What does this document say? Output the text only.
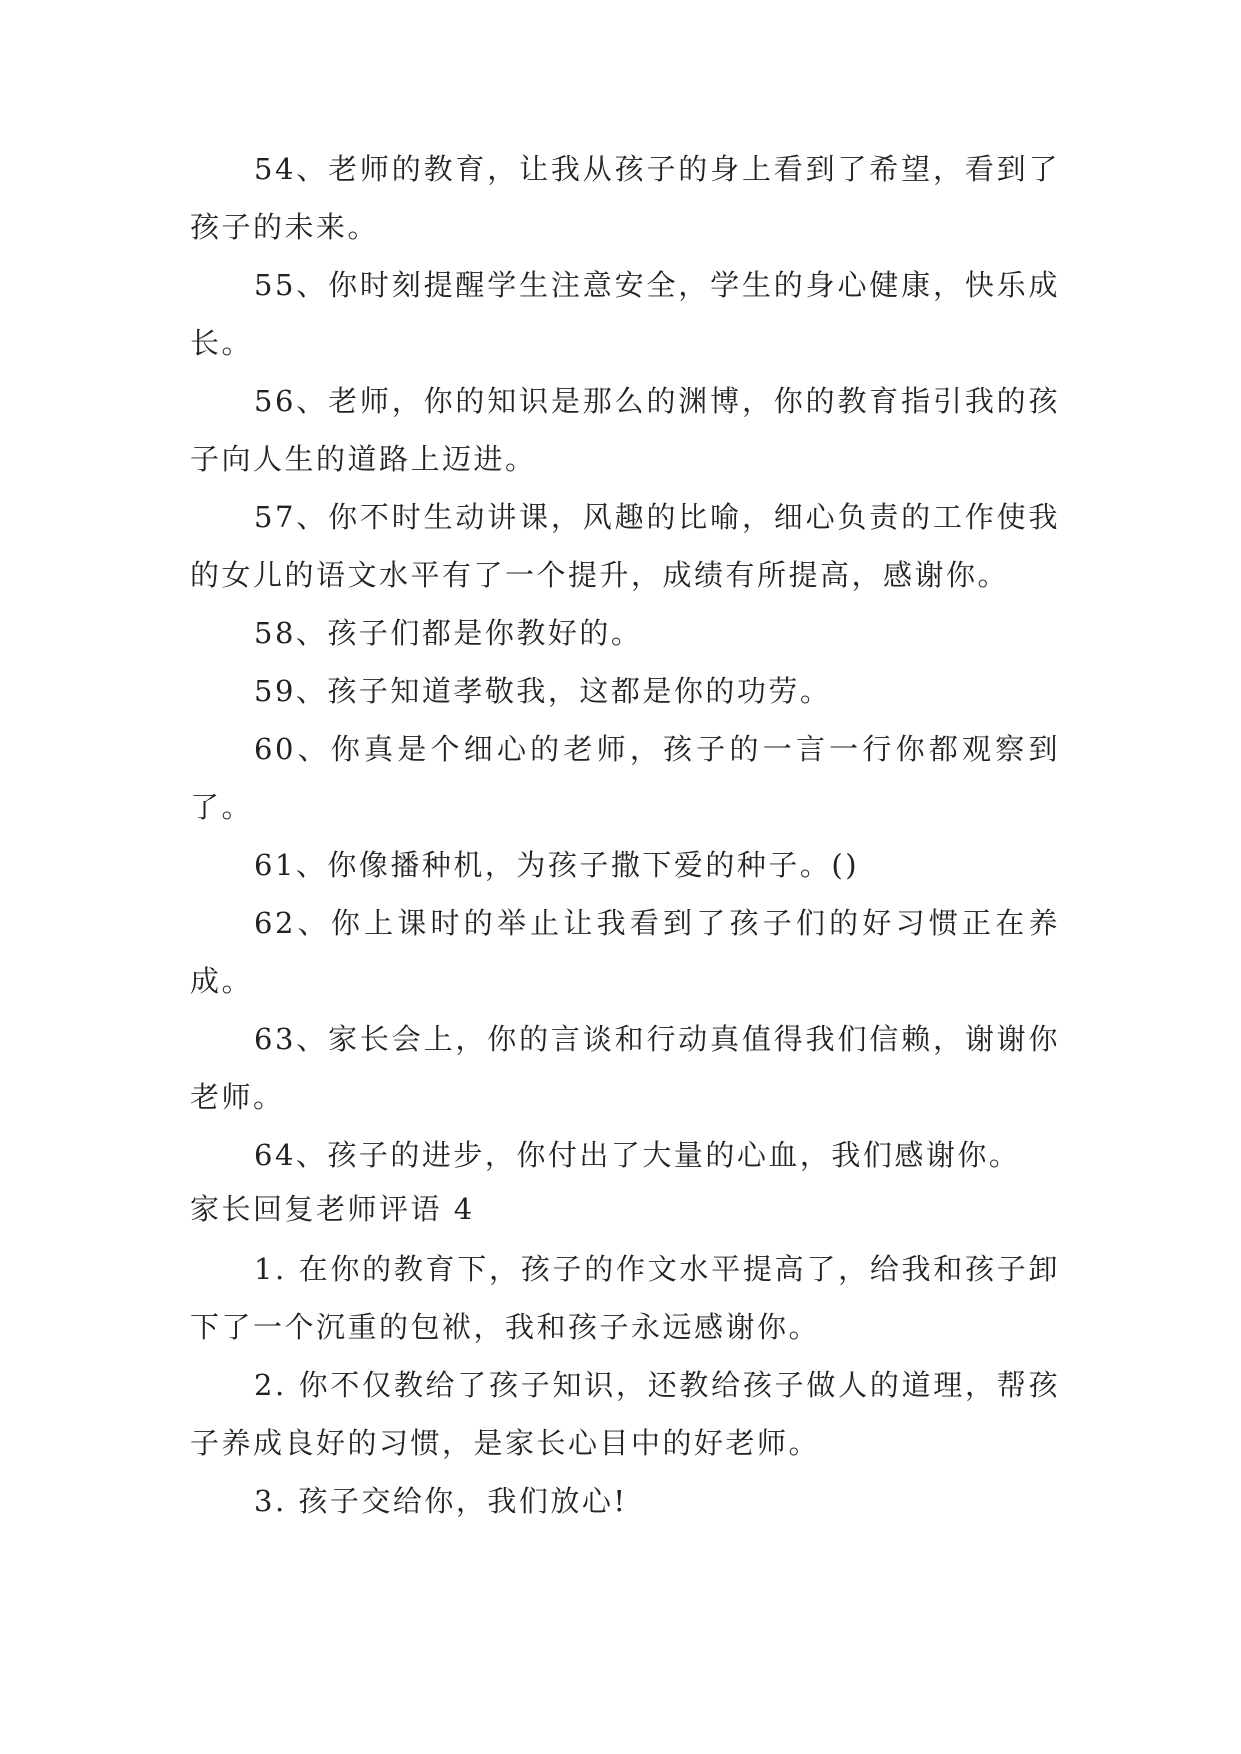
54、老师的教育，让我从孩子的身上看到了希望，看到了孩子的未来。

55、你时刻提醒学生注意安全，学生的身心健康，快乐成长。

56、老师，你的知识是那么的渊博，你的教育指引我的孩子向人生的道路上迈进。

57、你不时生动讲课，风趣的比喻，细心负责的工作使我的女儿的语文水平有了一个提升，成绩有所提高，感谢你。

58、孩子们都是你教好的。

59、孩子知道孝敬我，这都是你的功劳。

60、你真是个细心的老师，孩子的一言一行你都观察到了。

61、你像播种机，为孩子撒下爱的种子。()

62、你上课时的举止让我看到了孩子们的好习惯正在养成。

63、家长会上，你的言谈和行动真值得我们信赖，谢谢你老师。

64、孩子的进步，你付出了大量的心血，我们感谢你。

家长回复老师评语 4

1. 在你的教育下，孩子的作文水平提高了，给我和孩子卸下了一个沉重的包袱，我和孩子永远感谢你。

2. 你不仅教给了孩子知识，还教给孩子做人的道理，帮孩子养成良好的习惯，是家长心目中的好老师。

3. 孩子交给你，我们放心!
